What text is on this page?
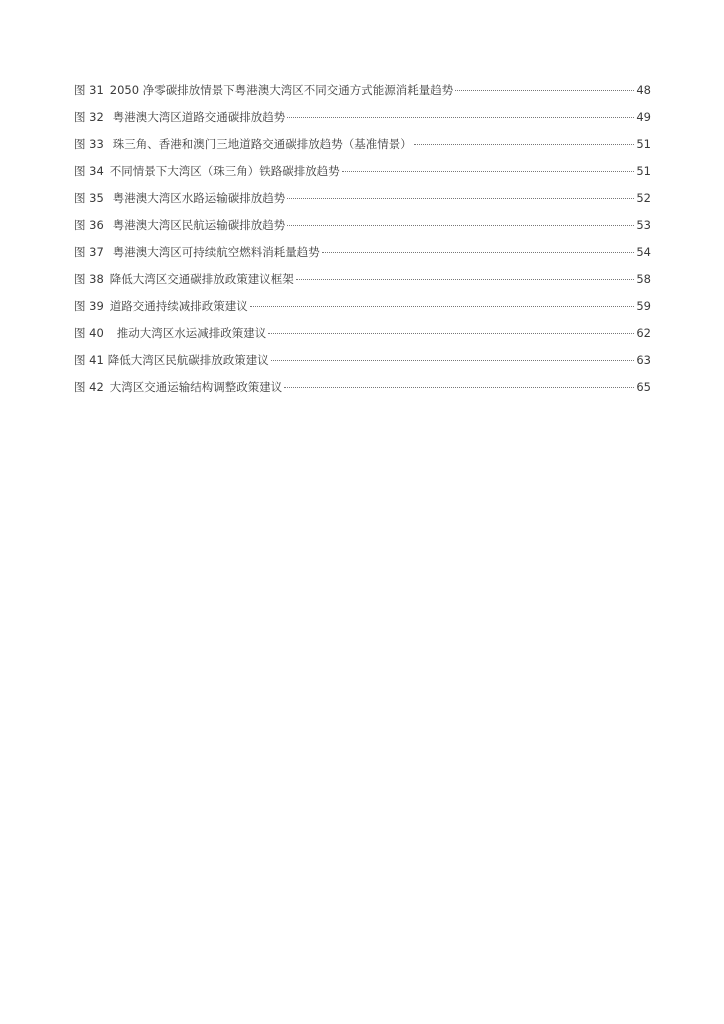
图 31 2050 净零碳排放情景下粤港澳大湾区不同交通方式能源消耗量趋势	48
图 32 粤港澳大湾区道路交通碳排放趋势	49
图 33 珠三角、香港和澳门三地道路交通碳排放趋势（基准情景）	51
图 34 不同情景下大湾区（珠三角）铁路碳排放趋势	51
图 35 粤港澳大湾区水路运输碳排放趋势	52
图 36 粤港澳大湾区民航运输碳排放趋势	53
图 37 粤港澳大湾区可持续航空燃料消耗量趋势	54
图 38 降低大湾区交通碳排放政策建议框架	58
图 39 道路交通持续减排政策建议	59
图 40 推动大湾区水运减排政策建议	62
图 41 降低大湾区民航碳排放政策建议	63
图 42 大湾区交通运输结构调整政策建议	65
